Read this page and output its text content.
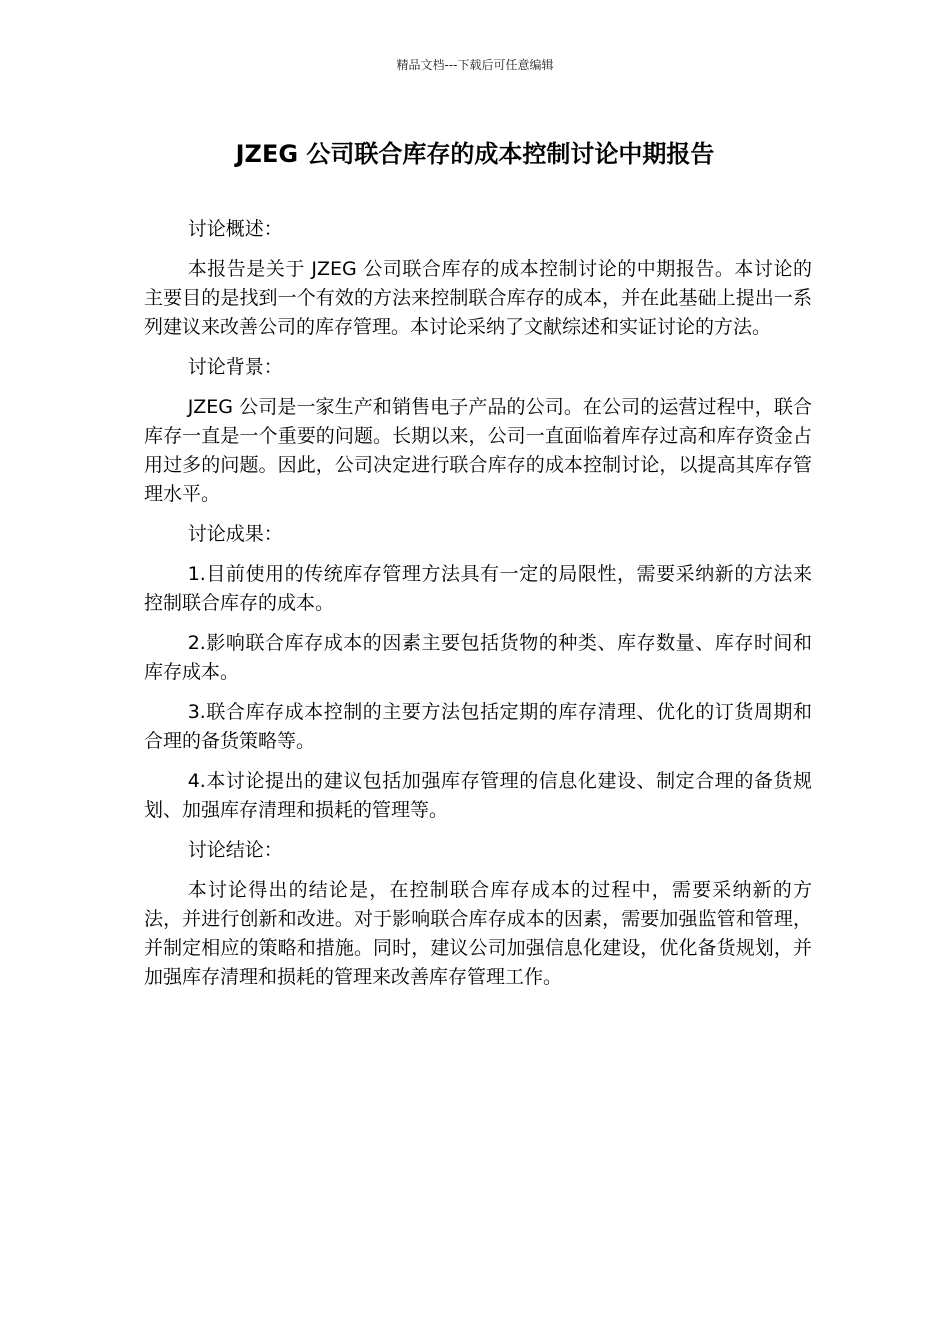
精品文档---下载后可任意编辑
JZEG 公司联合库存的成本控制讨论中期报告

讨论概述：

本报告是关于 JZEG 公司联合库存的成本控制讨论的中期报告。本讨论的主要目的是找到一个有效的方法来控制联合库存的成本，并在此基础上提出一系列建议来改善公司的库存管理。本讨论采纳了文献综述和实证讨论的方法。

讨论背景：

JZEG 公司是一家生产和销售电子产品的公司。在公司的运营过程中，联合库存一直是一个重要的问题。长期以来，公司一直面临着库存过高和库存资金占用过多的问题。因此，公司决定进行联合库存的成本控制讨论，以提高其库存管理水平。

讨论成果：

1.目前使用的传统库存管理方法具有一定的局限性，需要采纳新的方法来控制联合库存的成本。

2.影响联合库存成本的因素主要包括货物的种类、库存数量、库存时间和库存成本。

3.联合库存成本控制的主要方法包括定期的库存清理、优化的订货周期和合理的备货策略等。

4.本讨论提出的建议包括加强库存管理的信息化建设、制定合理的备货规划、加强库存清理和损耗的管理等。

讨论结论：

本讨论得出的结论是，在控制联合库存成本的过程中，需要采纳新的方法，并进行创新和改进。对于影响联合库存成本的因素，需要加强监管和管理，并制定相应的策略和措施。同时，建议公司加强信息化建设，优化备货规划，并加强库存清理和损耗的管理来改善库存管理工作。
